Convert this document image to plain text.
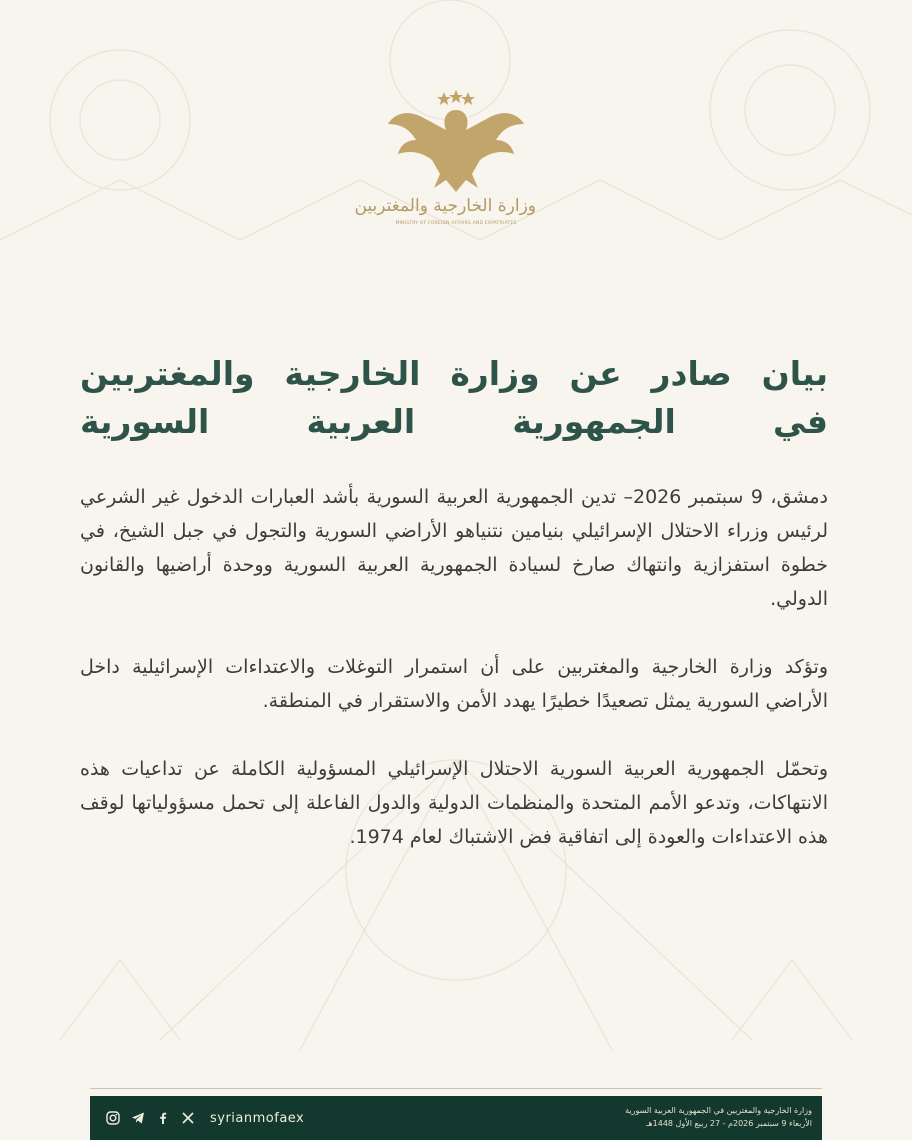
وزارة الخارجية والمغتربين
MINISTRY OF FOREIGN AFFAIRS AND EXPATRIATES
بيان صادر عن وزارة الخارجية والمغتربين
في الجمهورية العربية السورية

دمشق، 9 سبتمبر 2026– تدين الجمهورية العربية السورية بأشد العبارات الدخول غير الشرعي لرئيس وزراء الاحتلال الإسرائيلي بنيامين نتنياهو الأراضي السورية والتجول في جبل الشيخ، في خطوة استفزازية وانتهاك صارخ لسيادة الجمهورية العربية السورية ووحدة أراضيها والقانون الدولي.

وتؤكد وزارة الخارجية والمغتربين على أن استمرار التوغلات والاعتداءات الإسرائيلية داخل الأراضي السورية يمثل تصعيدًا خطيرًا يهدد الأمن والاستقرار في المنطقة.

وتحمّل الجمهورية العربية السورية الاحتلال الإسرائيلي المسؤولية الكاملة عن تداعيات هذه الانتهاكات، وتدعو الأمم المتحدة والمنظمات الدولية والدول الفاعلة إلى تحمل مسؤولياتها لوقف هذه الاعتداءات والعودة إلى اتفاقية فض الاشتباك لعام 1974.

syrianmofaex	وزارة الخارجية والمغتربين في الجمهورية العربية السورية
الأربعاء 9 سبتمبر 2026م - 27 ربيع الأول 1448هـ
